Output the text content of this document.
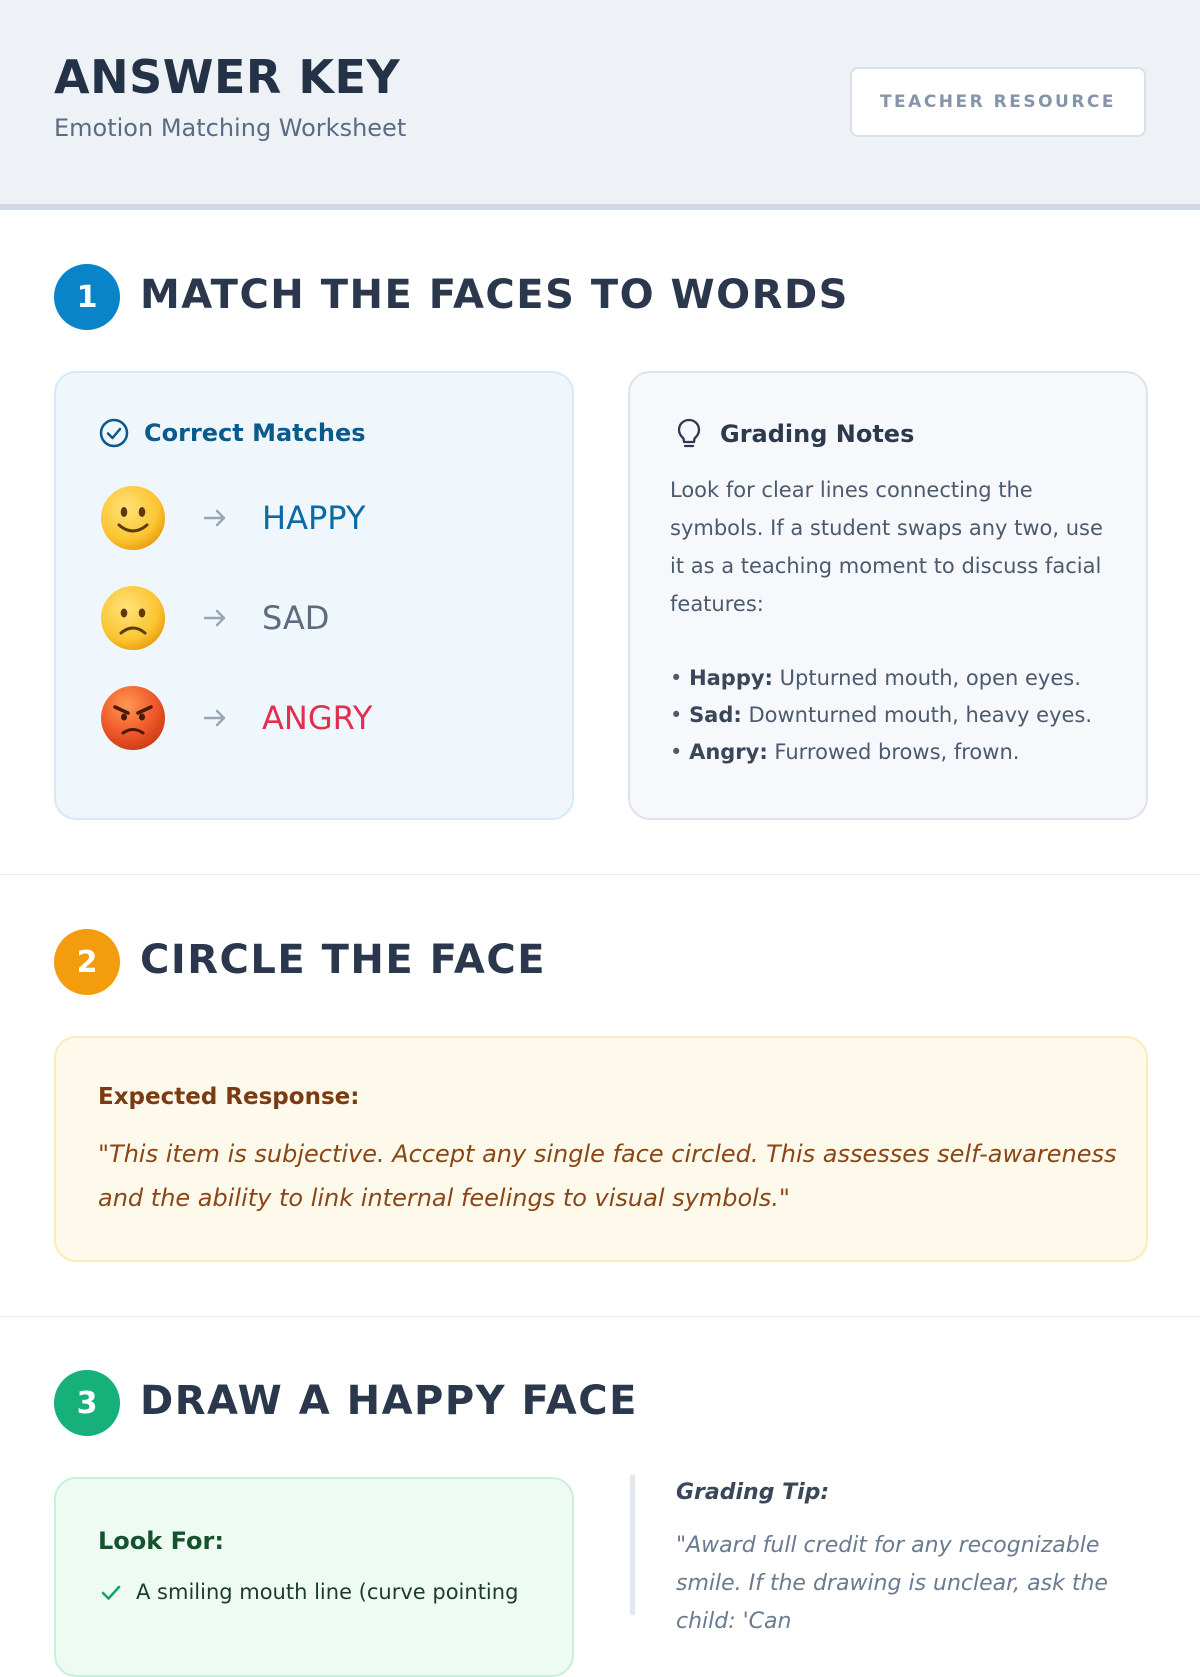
ANSWER KEY
Emotion Matching Worksheet
TEACHER RESOURCE
1	MATCH THE FACES TO WORDS
Correct Matches
HAPPY
SAD
ANGRY
Grading Notes
Look for clear lines connecting the symbols. If a student swaps any two, use it as a teaching moment to discuss facial features:
• Happy: Upturned mouth, open eyes.
• Sad: Downturned mouth, heavy eyes.
• Angry: Furrowed brows, frown.
2	CIRCLE THE FACE
Expected Response:
"This item is subjective. Accept any single face circled. This assesses self-awareness and the ability to link internal feelings to visual symbols."
3	DRAW A HAPPY FACE
Look For:
A smiling mouth line (curve pointing
Grading Tip:
"Award full credit for any recognizable smile. If the drawing is unclear, ask the child: 'Can
